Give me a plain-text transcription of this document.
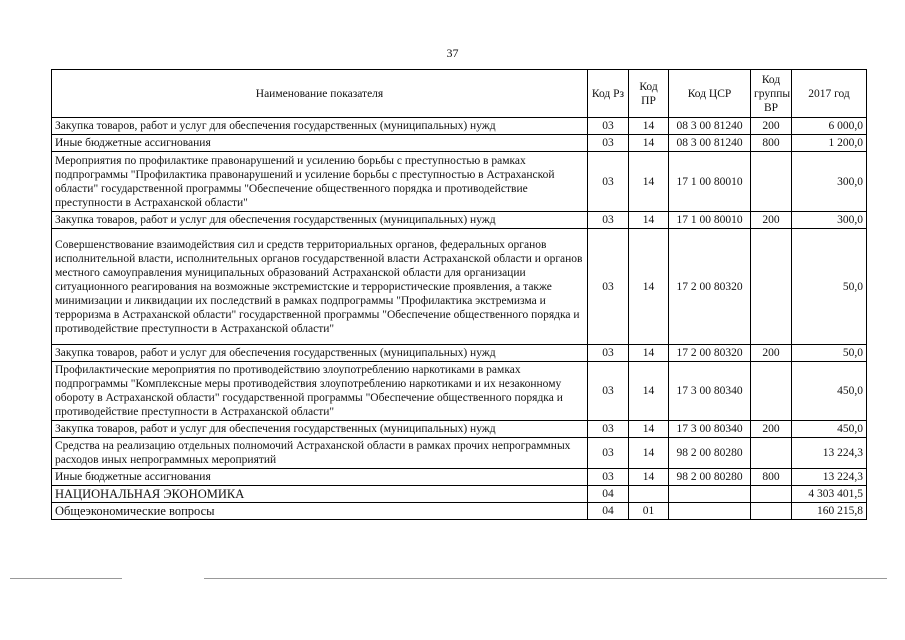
37
Наименование показателя	Код Рз	Код ПР	Код ЦСР	Код группы ВР	2017 год
Закупка товаров, работ и услуг для обеспечения государственных (муниципальных) нужд	03	14	08 3 00 81240	200	6 000,0
Иные бюджетные ассигнования	03	14	08 3 00 81240	800	1 200,0
Мероприятия по профилактике правонарушений и усилению борьбы с преступностью в рамках подпрограммы "Профилактика правонарушений и усиление борьбы с преступностью в Астраханской области" государственной программы "Обеспечение общественного порядка и противодействие преступности в Астраханской области"	03	14	17 1 00 80010		300,0
Закупка товаров, работ и услуг для обеспечения государственных (муниципальных) нужд	03	14	17 1 00 80010	200	300,0
Совершенствование взаимодействия сил и средств территориальных органов, федеральных органов исполнительной власти, исполнительных органов государственной власти Астраханской области и органов местного самоуправления муниципальных образований Астраханской области для организации ситуационного реагирования на возможные экстремистские и террористические проявления, а также минимизации и ликвидации их последствий в рамках подпрограммы "Профилактика экстремизма и терроризма в Астраханской области" государственной программы "Обеспечение общественного порядка и противодействие преступности в Астраханской области"	03	14	17 2 00 80320		50,0
Закупка товаров, работ и услуг для обеспечения государственных (муниципальных) нужд	03	14	17 2 00 80320	200	50,0
Профилактические мероприятия по противодействию злоупотреблению наркотиками в рамках подпрограммы "Комплексные меры противодействия злоупотреблению наркотиками и их незаконному обороту в Астраханской области" государственной программы "Обеспечение общественного порядка и противодействие преступности в Астраханской области"	03	14	17 3 00 80340		450,0
Закупка товаров, работ и услуг для обеспечения государственных (муниципальных) нужд	03	14	17 3 00 80340	200	450,0
Средства на реализацию отдельных полномочий Астраханской области в рамках прочих непрограммных расходов иных непрограммных мероприятий	03	14	98 2 00 80280		13 224,3
Иные бюджетные ассигнования	03	14	98 2 00 80280	800	13 224,3
НАЦИОНАЛЬНАЯ ЭКОНОМИКА	04				4 303 401,5
Общеэкономические вопросы	04	01			160 215,8
